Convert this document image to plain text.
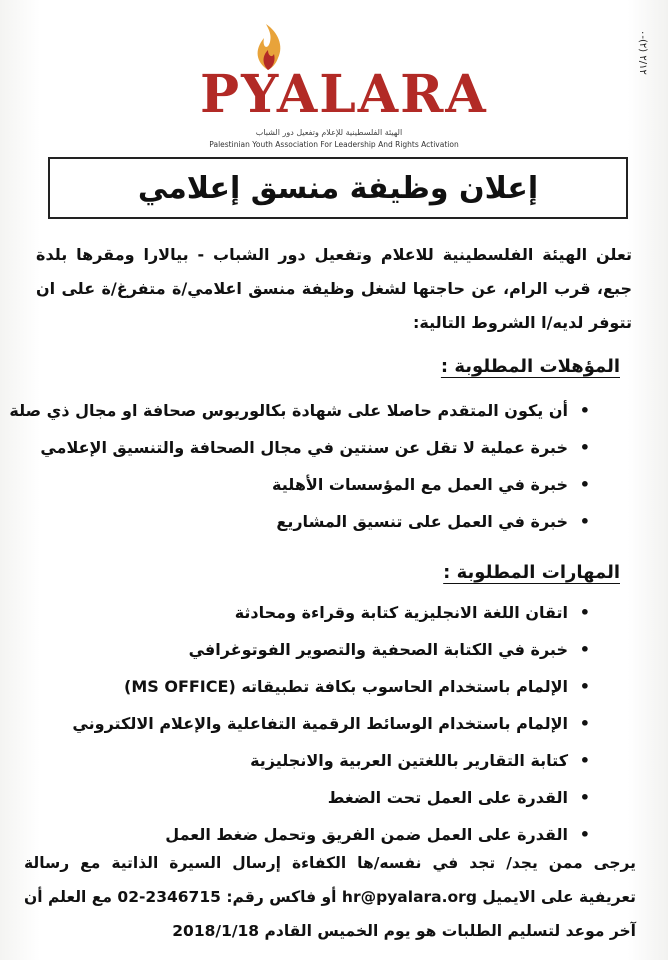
٢/١٢ (٢)-٠
PYALARA
الهيئة الفلسطينية للإعلام وتفعيل دور الشباب
Palestinian Youth Association For Leadership And Rights Activation
إعلان وظيفة منسق إعلامي
تعلن الهيئة الفلسطينية للاعلام وتفعيل دور الشباب - بيالارا ومقرها بلدة جبع، قرب الرام، عن حاجتها لشغل وظيفة منسق اعلامي/ة متفرغ/ة على ان تتوفر لديه/ا الشروط التالية:
المؤهلات المطلوبة :
• أن يكون المتقدم حاصلا على شهادة بكالوريوس صحافة او مجال ذي صلة
• خبرة عملية لا تقل عن سنتين في مجال الصحافة والتنسيق الإعلامي
• خبرة في العمل مع المؤسسات الأهلية
• خبرة في العمل على تنسيق المشاريع
المهارات المطلوبة :
• اتقان اللغة الانجليزية كتابة وقراءة ومحادثة
• خبرة في الكتابة الصحفية والتصوير الفوتوغرافي
• الإلمام باستخدام الحاسوب بكافة تطبيقاته (MS OFFICE)
• الإلمام باستخدام الوسائط الرقمية التفاعلية والإعلام الالكتروني
• كتابة التقارير باللغتين العربية والانجليزية
• القدرة على العمل تحت الضغط
• القدرة على العمل ضمن الفريق وتحمل ضغط العمل
يرجى ممن يجد/ تجد في نفسه/ها الكفاءة إرسال السيرة الذاتية مع رسالة تعريفية على الايميل hr@pyalara.org أو فاكس رقم: 02-2346715 مع العلم أن آخر موعد لتسليم الطلبات هو يوم الخميس القادم 2018/1/18
